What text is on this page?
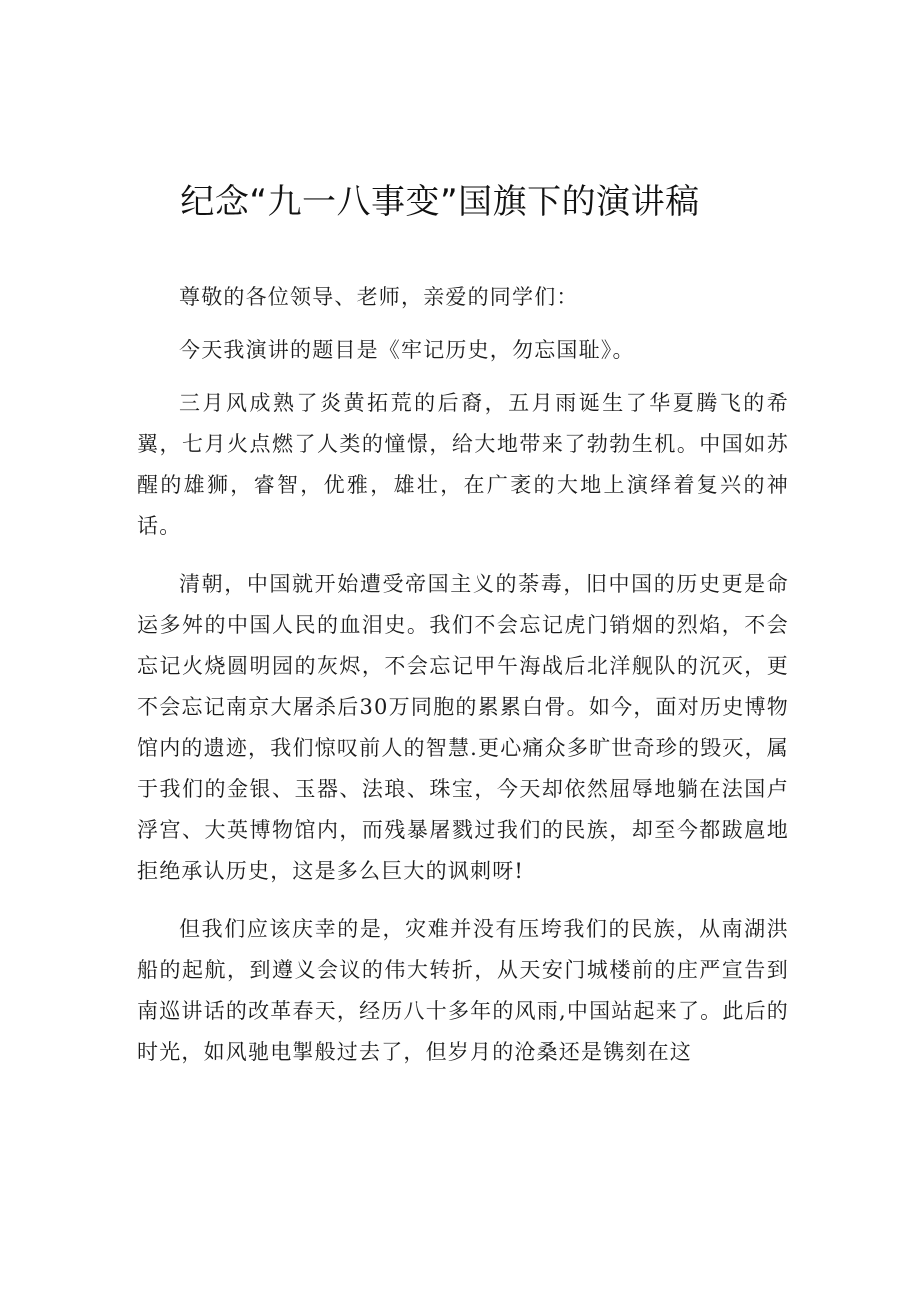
纪念“九一八事变”国旗下的演讲稿

尊敬的各位领导、老师，亲爱的同学们：

今天我演讲的题目是《牢记历史，勿忘国耻》。

三月风成熟了炎黄拓荒的后裔，五月雨诞生了华夏腾飞的希翼，七月火点燃了人类的憧憬，给大地带来了勃勃生机。中国如苏醒的雄狮，睿智，优雅，雄壮，在广袤的大地上演绎着复兴的神话。

清朝，中国就开始遭受帝国主义的荼毒，旧中国的历史更是命运多舛的中国人民的血泪史。我们不会忘记虎门销烟的烈焰，不会忘记火烧圆明园的灰烬，不会忘记甲午海战后北洋舰队的沉灭，更不会忘记南京大屠杀后30万同胞的累累白骨。如今，面对历史博物馆内的遗迹，我们惊叹前人的智慧.更心痛众多旷世奇珍的毁灭，属于我们的金银、玉器、法琅、珠宝，今天却依然屈辱地躺在法国卢浮宫、大英博物馆内，而残暴屠戮过我们的民族，却至今都跋扈地拒绝承认历史，这是多么巨大的讽刺呀!

但我们应该庆幸的是，灾难并没有压垮我们的民族，从南湖洪船的起航，到遵义会议的伟大转折，从天安门城楼前的庄严宣告到南巡讲话的改革春天，经历八十多年的风雨,中国站起来了。此后的时光，如风驰电掣般过去了，但岁月的沧桑还是镌刻在这
